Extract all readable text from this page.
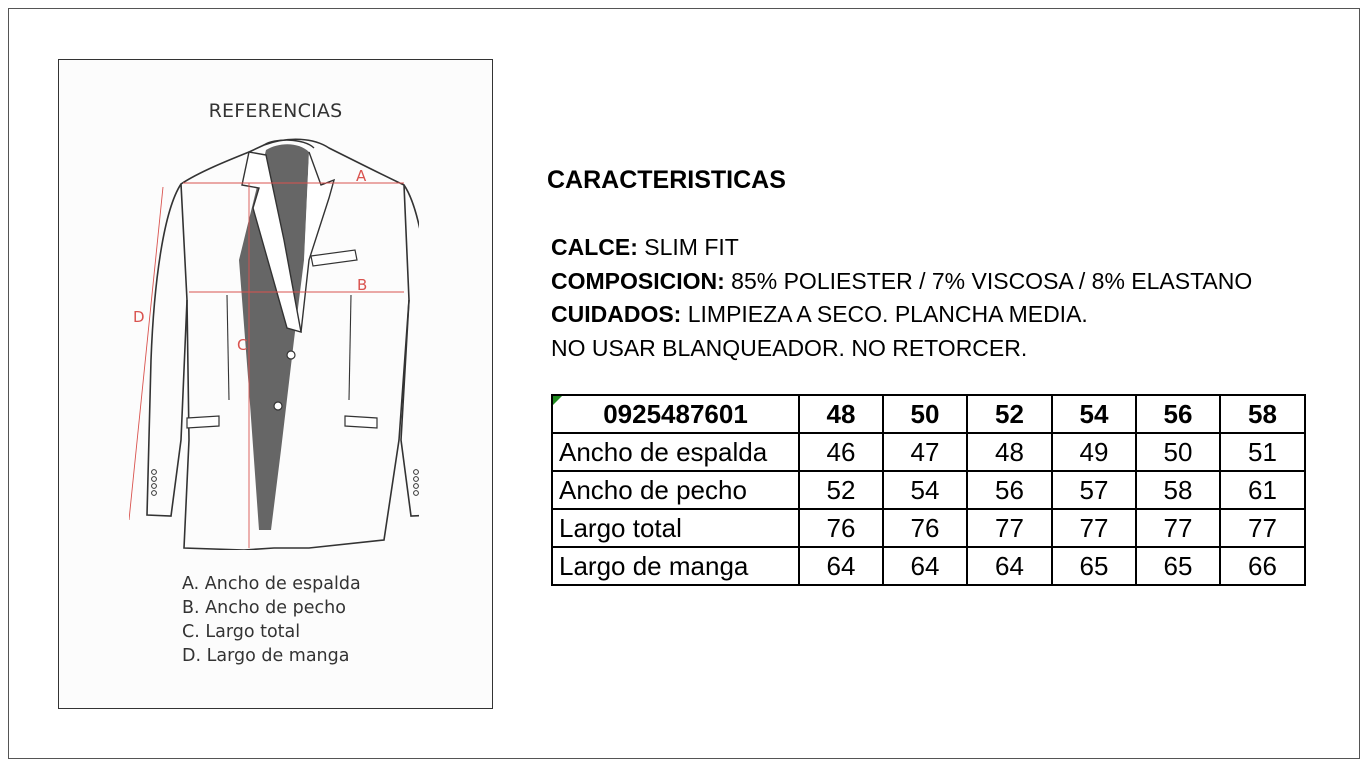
REFERENCIAS
A
B
C
D
A. Ancho de espalda
B. Ancho de pecho
C. Largo total
D. Largo de manga
CARACTERISTICAS
CALCE: SLIM FIT
COMPOSICION: 85% POLIESTER / 7% VISCOSA / 8% ELASTANO
CUIDADOS: LIMPIEZA A SECO. PLANCHA MEDIA.
NO USAR BLANQUEADOR. NO RETORCER.
0925487601	48	50	52	54	56	58
Ancho de espalda	46	47	48	49	50	51
Ancho de pecho	52	54	56	57	58	61
Largo total	76	76	77	77	77	77
Largo de manga	64	64	64	65	65	66
